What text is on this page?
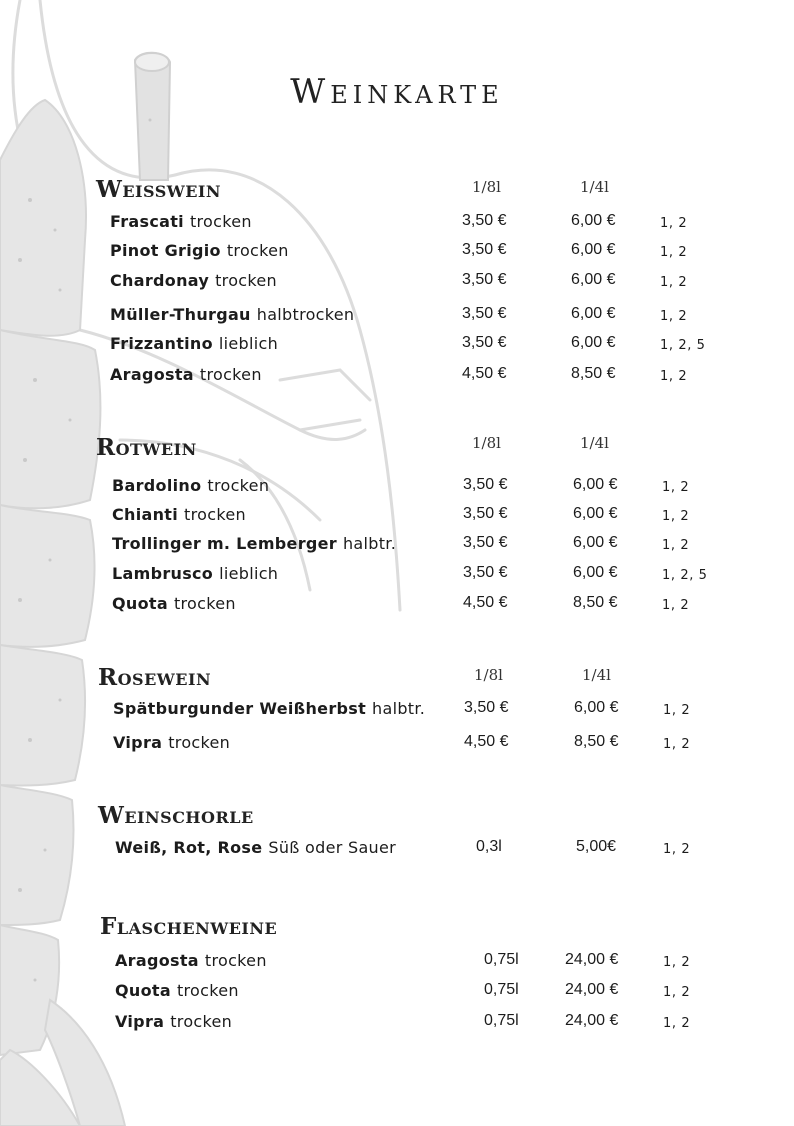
Weinkarte
Weisswein	1/8l	1/4l
Frascati trocken	3,50 €	6,00 €	1, 2
Pinot Grigio trocken	3,50 €	6,00 €	1, 2
Chardonay trocken	3,50 €	6,00 €	1, 2
Müller-Thurgau halbtrocken	3,50 €	6,00 €	1, 2
Frizzantino lieblich	3,50 €	6,00 €	1, 2, 5
Aragosta trocken	4,50 €	8,50 €	1, 2
Rotwein	1/8l	1/4l
Bardolino trocken	3,50 €	6,00 €	1, 2
Chianti trocken	3,50 €	6,00 €	1, 2
Trollinger m. Lemberger halbtr.	3,50 €	6,00 €	1, 2
Lambrusco lieblich	3,50 €	6,00 €	1, 2, 5
Quota trocken	4,50 €	8,50 €	1, 2
Rosewein	1/8l	1/4l
Spätburgunder Weißherbst halbtr. 3,50 €	6,00 €	1, 2
Vipra trocken	4,50 €	8,50 €	1, 2
Weinschorle
Weiß, Rot, Rose Süß oder Sauer	0,3l	5,00€	1, 2
Flaschenweine
Aragosta trocken	0,75l	24,00 €	1, 2
Quota trocken	0,75l	24,00 €	1, 2
Vipra trocken	0,75l	24,00 €	1, 2
